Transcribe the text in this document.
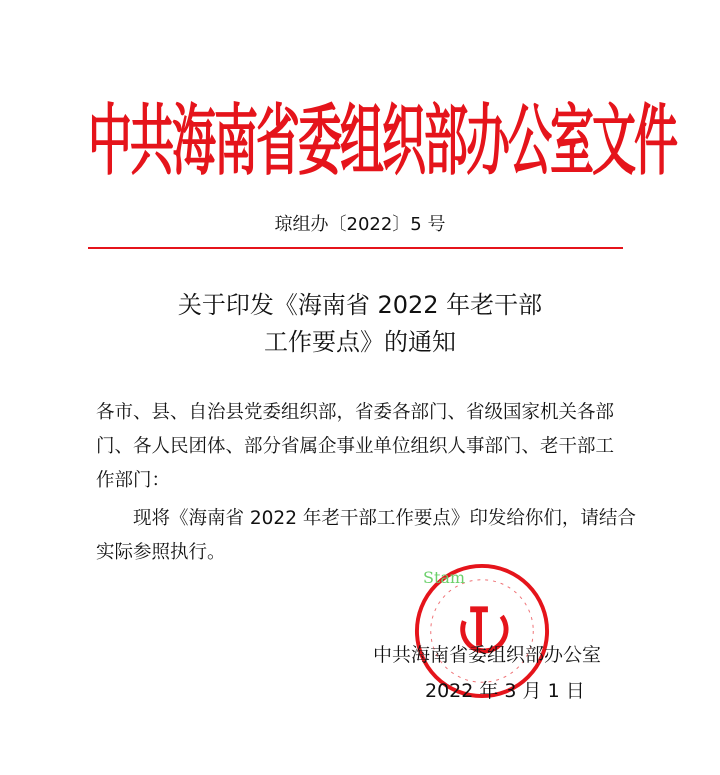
中共海南省委组织部办公室文件
琼组办〔2022〕5 号
关于印发《海南省 2022 年老干部
工作要点》的通知
各市、县、自治县党委组织部，省委各部门、省级国家机关各部
门、各人民团体、部分省属企事业单位组织人事部门、老干部工
作部门：
　　现将《海南省 2022 年老干部工作要点》印发给你们，请结合
实际参照执行。
Stam
中共海南省委组织部办公室
2022 年 3 月 1 日
